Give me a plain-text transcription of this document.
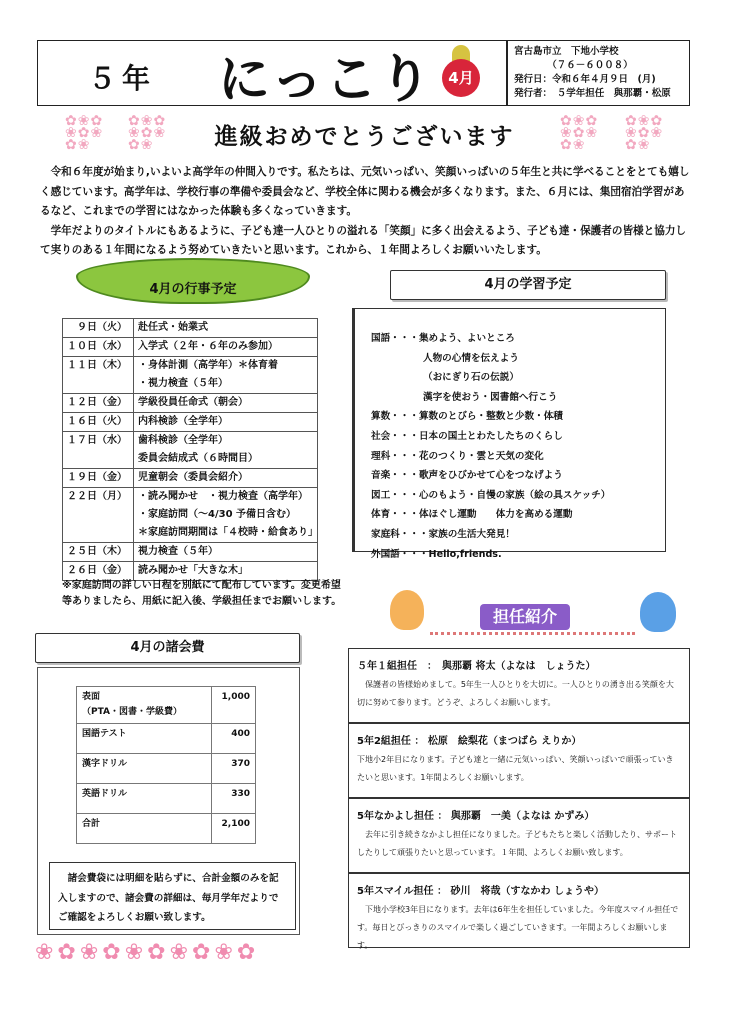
５年 にっこり	4月
宮古島市立　下地小学校
　　　　（７６－６００８）
発行日：令和６年４月９日　(月)
発行者：　５学年担任　與那覇・松原
✿❀✿
❀✿❀
✿❀
✿❀✿
❀✿❀
✿❀
✿❀✿
❀✿❀
✿❀
✿❀✿
❀✿❀
✿❀
進級おめでとうございます

令和６年度が始まり,いよいよ高学年の仲間入りです。私たちは、元気いっぱい、笑顔いっぱいの５年生と共に学べることをとても嬉しく感じています。高学年は、学校行事の準備や委員会など、学校全体に関わる機会が多くなります。また、６月には、集団宿泊学習があるなど、これまでの学習にはなかった体験も多くなっていきます。

学年だよりのタイトルにもあるように、子ども達一人ひとりの溢れる「笑顔」に多く出会えるよう、子ども達・保護者の皆様と協力して実りのある１年間になるよう努めていきたいと思います。これから、１年間よろしくお願いいたします。

4月の行事予定
９日（火）	赴任式・始業式

１０日（水）	入学式（２年・６年のみ参加）

１１日（木）	・身体計測（高学年）＊体育着
・視力検査（５年）

１２日（金）	学級役員任命式（朝会）

１６日（火）	内科検診（全学年）

１７日（水）	歯科検診（全学年）
委員会結成式（６時間目）

１９日（金）	児童朝会（委員会紹介）

２２日（月）	・読み聞かせ　・視力検査（高学年）
・家庭訪問（～4/30 予備日含む）
＊家庭訪問期間は「４校時・給食あり」

２５日（木）	視力検査（５年）

２６日（金）	読み聞かせ「大きな木」
※家庭訪問の詳しい日程を別紙にて配布しています。変更希望等ありましたら、用紙に記入後、学級担任までお願いします。
4月の学習予定
国語・・・集めよう、よいところ
人物の心情を伝えよう
（おにぎり石の伝説）
漢字を使おう・図書館へ行こう
算数・・・算数のとびら・整数と少数・体積
社会・・・日本の国土とわたしたちのくらし
理科・・・花のつくり・雲と天気の変化
音楽・・・歌声をひびかせて心をつなげよう
図工・・・心のもよう・自慢の家族（絵の具スケッチ）
体育・・・体ほぐし運動　　体力を高める運動
家庭科・・・家族の生活大発見！
外国語・・・Hello,friends.
担任紹介
５年１組担任　：　與那覇 将太（よなは　しょうた）
　保護者の皆様始めまして。5年生一人ひとりを大切に。一人ひとりの湧き出る笑顔を大切に努めて参ります。どうぞ、よろしくお願いします。
5年2組担任 ： 松原　絵梨花（まつばら えりか）
下地小2年目になります。子ども達と一緒に元気いっぱい、笑顔いっぱいで頑張っていきたいと思います。1年間よろしくお願いします。
5年なかよし担任 ： 與那覇　一美（よなは かずみ）
　去年に引き続きなかよし担任になりました。子どもたちと楽しく活動したり、サポートしたりして頑張りたいと思っています。１年間、よろしくお願い致します。
5年スマイル担任 ： 砂川　将哉（すなかわ しょうや）
　下地小学校3年目になります。去年は6年生を担任していました。今年度スマイル担任です。毎日とびっきりのスマイルで楽しく過ごしていきます。一年間よろしくお願いします。
4月の諸会費
表面
（PTA・図書・学級費）	1,000

国語テスト	400

漢字ドリル	370

英語ドリル	330

合計	2,100
諸会費袋には明細を貼らずに、合計金額のみを記入しますので、諸会費の詳細は、毎月学年だよりでご確認をよろしくお願い致します。
❀✿❀✿❀✿❀✿❀✿
